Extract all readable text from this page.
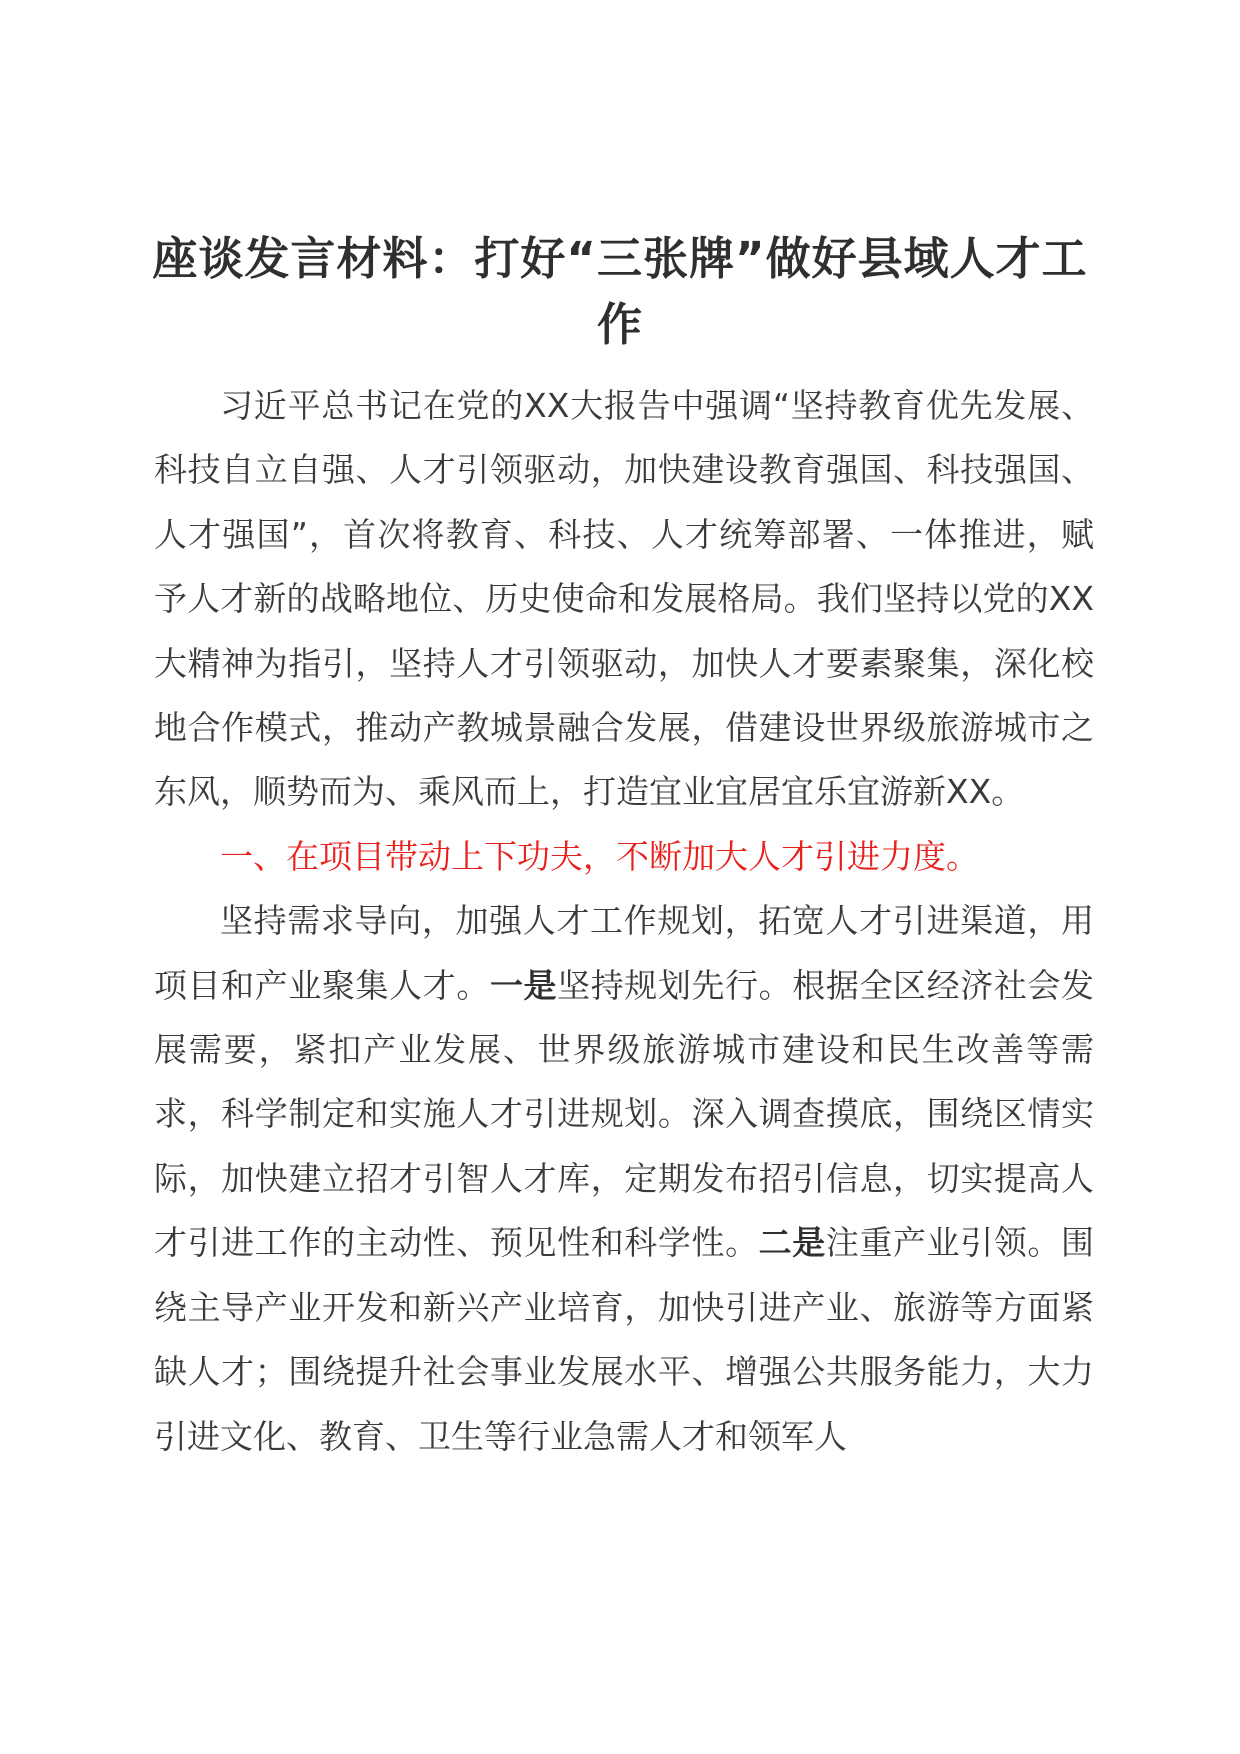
座谈发言材料：打好“三张牌”做好县域人才工作

习近平总书记在党的XX大报告中强调“坚持教育优先发展、科技自立自强、人才引领驱动，加快建设教育强国、科技强国、人才强国”，首次将教育、科技、人才统筹部署、一体推进，赋予人才新的战略地位、历史使命和发展格局。我们坚持以党的XX大精神为指引，坚持人才引领驱动，加快人才要素聚集，深化校地合作模式，推动产教城景融合发展，借建设世界级旅游城市之东风，顺势而为、乘风而上，打造宜业宜居宜乐宜游新XX。

一、在项目带动上下功夫，不断加大人才引进力度。

坚持需求导向，加强人才工作规划，拓宽人才引进渠道，用项目和产业聚集人才。一是坚持规划先行。根据全区经济社会发展需要，紧扣产业发展、世界级旅游城市建设和民生改善等需求，科学制定和实施人才引进规划。深入调查摸底，围绕区情实际，加快建立招才引智人才库，定期发布招引信息，切实提高人才引进工作的主动性、预见性和科学性。二是注重产业引领。围绕主导产业开发和新兴产业培育，加快引进产业、旅游等方面紧缺人才；围绕提升社会事业发展水平、增强公共服务能力，大力引进文化、教育、卫生等行业急需人才和领军人
